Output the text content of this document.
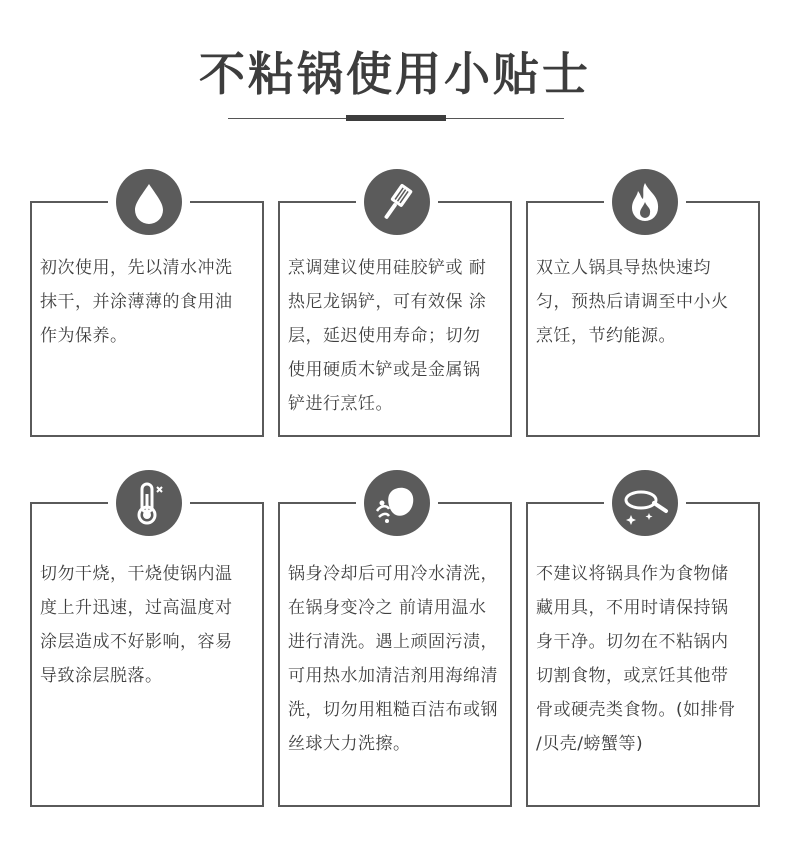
不粘锅使用小贴士
初次使用，先以清水冲洗
抹干，并涂薄薄的食用油
作为保养。
烹调建议使用硅胶铲或 耐
热尼龙锅铲，可有效保 涂
层，延迟使用寿命；切勿
使用硬质木铲或是金属锅
铲进行烹饪。
双立人锅具导热快速均
匀，预热后请调至中小火
烹饪，节约能源。
切勿干烧，干烧使锅内温
度上升迅速，过高温度对
涂层造成不好影响，容易
导致涂层脱落。
锅身冷却后可用冷水清洗，
在锅身变冷之 前请用温水
进行清洗。遇上顽固污渍，
可用热水加清洁剂用海绵清
洗，切勿用粗糙百洁布或钢
丝球大力洗擦。
不建议将锅具作为食物储
藏用具，不用时请保持锅
身干净。切勿在不粘锅内
切割食物，或烹饪其他带
骨或硬壳类食物。(如排骨
/贝壳/螃蟹等)
